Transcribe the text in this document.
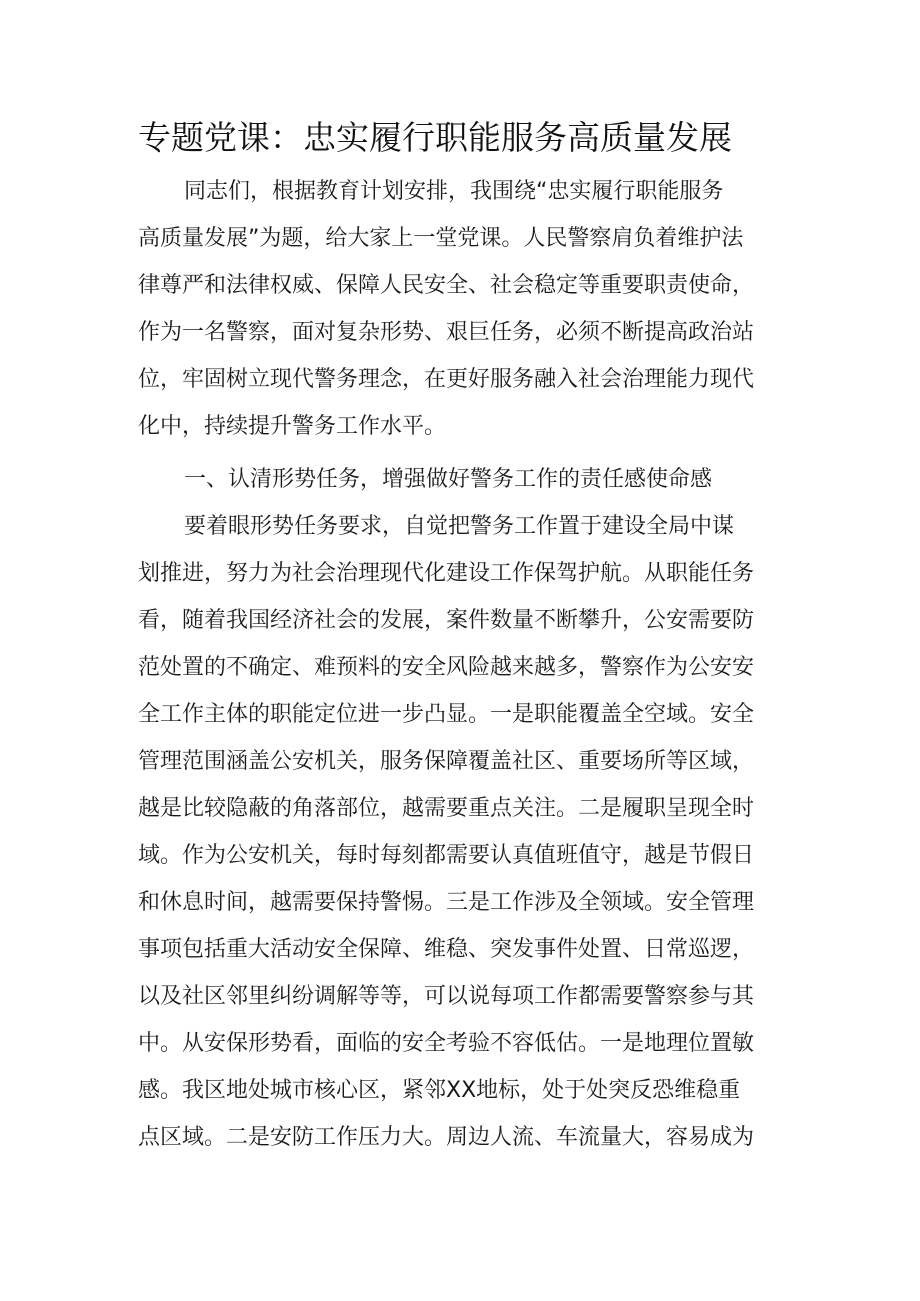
专题党课：忠实履行职能服务高质量发展
同志们，根据教育计划安排，我围绕“忠实履行职能服务
高质量发展”为题，给大家上一堂党课。人民警察肩负着维护法
律尊严和法律权威、保障人民安全、社会稳定等重要职责使命，
作为一名警察，面对复杂形势、艰巨任务，必须不断提高政治站
位，牢固树立现代警务理念，在更好服务融入社会治理能力现代
化中，持续提升警务工作水平。
一、认清形势任务，增强做好警务工作的责任感使命感
要着眼形势任务要求，自觉把警务工作置于建设全局中谋
划推进，努力为社会治理现代化建设工作保驾护航。从职能任务
看，随着我国经济社会的发展，案件数量不断攀升，公安需要防
范处置的不确定、难预料的安全风险越来越多，警察作为公安安
全工作主体的职能定位进一步凸显。一是职能覆盖全空域。安全
管理范围涵盖公安机关，服务保障覆盖社区、重要场所等区域，
越是比较隐蔽的角落部位，越需要重点关注。二是履职呈现全时
域。作为公安机关，每时每刻都需要认真值班值守，越是节假日
和休息时间，越需要保持警惕。三是工作涉及全领域。安全管理
事项包括重大活动安全保障、维稳、突发事件处置、日常巡逻，
以及社区邻里纠纷调解等等，可以说每项工作都需要警察参与其
中。从安保形势看，面临的安全考验不容低估。一是地理位置敏
感。我区地处城市核心区，紧邻XX地标，处于处突反恐维稳重
点区域。二是安防工作压力大。周边人流、车流量大，容易成为
